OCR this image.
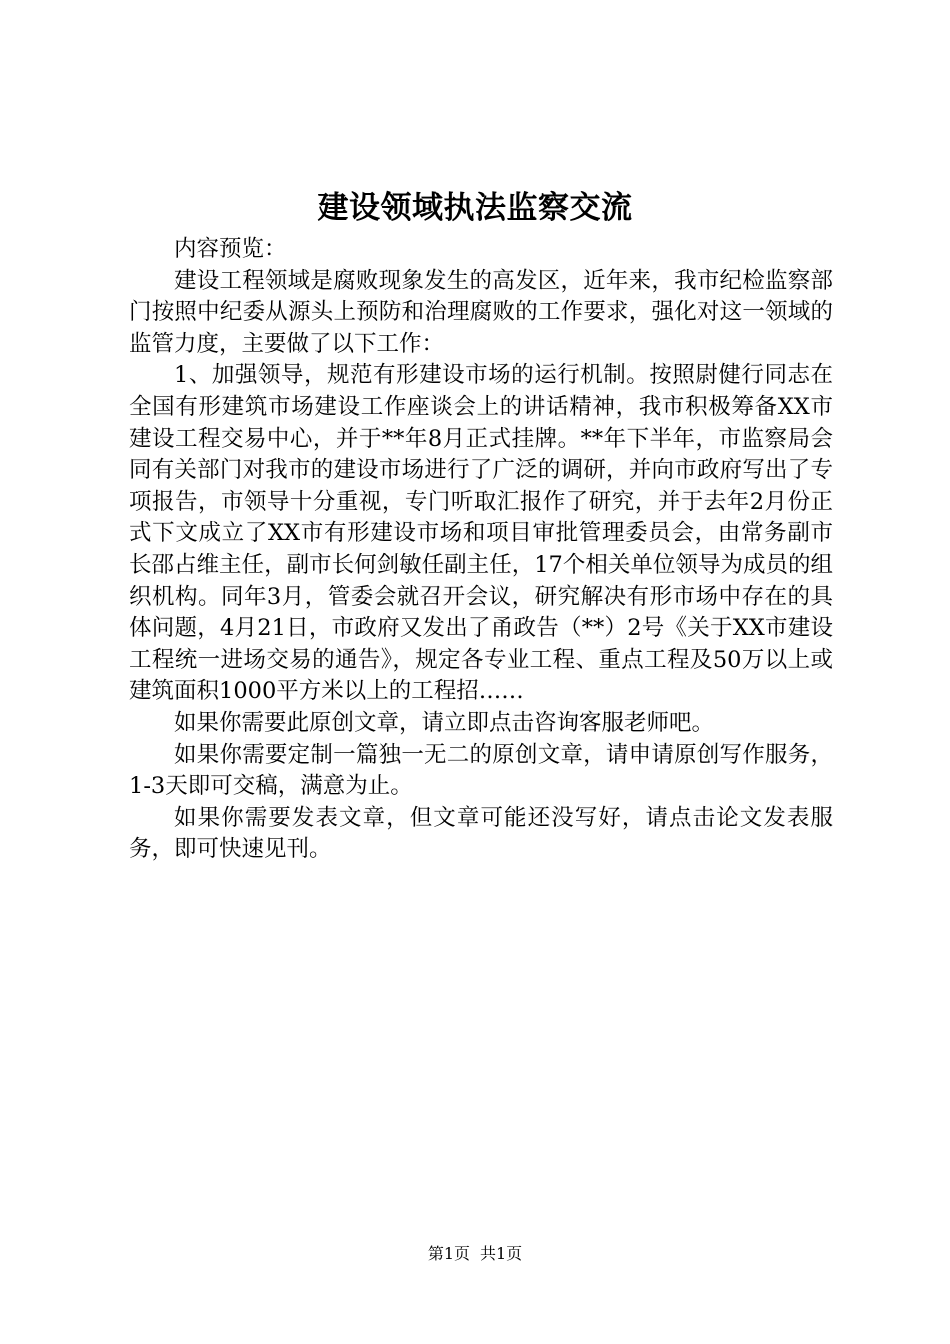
建设领域执法监察交流

内容预览：

建设工程领域是腐败现象发生的高发区，近年来，我市纪检监察部门按照中纪委从源头上预防和治理腐败的工作要求，强化对这一领域的监管力度，主要做了以下工作：

1、加强领导，规范有形建设市场的运行机制。按照尉健行同志在全国有形建筑市场建设工作座谈会上的讲话精神，我市积极筹备XX市建设工程交易中心，并于**年8月正式挂牌。**年下半年，市监察局会同有关部门对我市的建设市场进行了广泛的调研，并向市政府写出了专项报告，市领导十分重视，专门听取汇报作了研究，并于去年2月份正式下文成立了XX市有形建设市场和项目审批管理委员会，由常务副市长邵占维主任，副市长何剑敏任副主任，17个相关单位领导为成员的组织机构。同年3月，管委会就召开会议，研究解决有形市场中存在的具体问题，4月21日，市政府又发出了甬政告（**）2号《关于XX市建设工程统一进场交易的通告》，规定各专业工程、重点工程及50万以上或建筑面积1000平方米以上的工程招……

如果你需要此原创文章，请立即点击咨询客服老师吧。

如果你需要定制一篇独一无二的原创文章，请申请原创写作服务，1-3天即可交稿，满意为止。

如果你需要发表文章，但文章可能还没写好，请点击论文发表服务，即可快速见刊。

第1页 共1页
